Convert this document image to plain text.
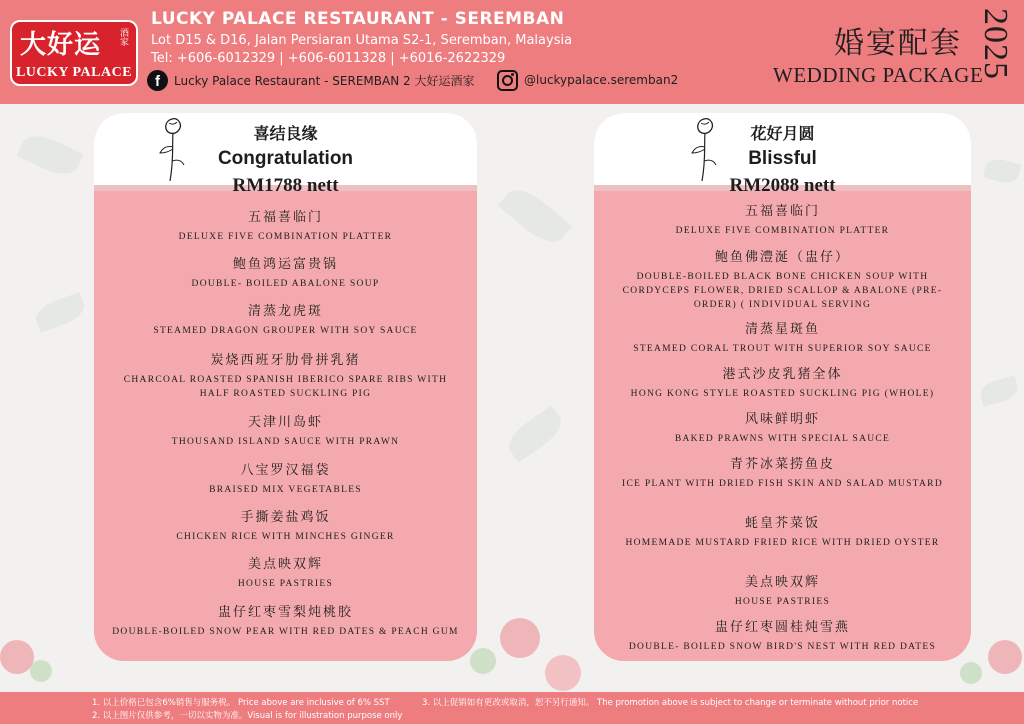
大好运 酒家
LUCKY PALACE
LUCKY PALACE RESTAURANT - SEREMBAN
Lot D15 & D16, Jalan Persiaran Utama S2-1, Seremban, Malaysia
Tel: +606-6012329 | +606-6011328 | +6016-2622329
f	Lucky Palace Restaurant - SEREMBAN 2 大好运酒家	@luckypalace.seremban2
婚宴配套
WEDDING PACKAGE
2025
喜结良缘
Congratulation
RM1788 nett
五福喜临门
DELUXE FIVE COMBINATION PLATTER
鲍鱼鸿运富贵锅
DOUBLE- BOILED ABALONE SOUP
清蒸龙虎斑
STEAMED DRAGON GROUPER WITH SOY SAUCE
炭烧西班牙肋骨拼乳猪
CHARCOAL ROASTED SPANISH IBERICO SPARE RIBS WITH HALF ROASTED SUCKLING PIG
天津川岛虾
THOUSAND ISLAND SAUCE WITH PRAWN
八宝罗汉福袋
BRAISED MIX VEGETABLES
手撕姜盐鸡饭
CHICKEN RICE WITH MINCHES GINGER
美点映双辉
HOUSE PASTRIES
盅仔红枣雪梨炖桃胶
DOUBLE-BOILED SNOW PEAR WITH RED DATES & PEACH GUM
花好月圆
Blissful
RM2088 nett
五福喜临门
DELUXE FIVE COMBINATION PLATTER
鲍鱼佛澧涎（盅仔）
DOUBLE-BOILED BLACK BONE CHICKEN SOUP WITH CORDYCEPS FLOWER, DRIED SCALLOP & ABALONE (PRE-ORDER) ( INDIVIDUAL SERVING
清蒸星斑鱼
STEAMED CORAL TROUT WITH SUPERIOR SOY SAUCE
港式沙皮乳猪全体
HONG KONG STYLE ROASTED SUCKLING PIG (WHOLE)
风味鲜明虾
BAKED PRAWNS WITH SPECIAL SAUCE
青芥冰菜捞鱼皮
ICE PLANT WITH DRIED FISH SKIN AND SALAD MUSTARD
蚝皇芥菜饭
HOMEMADE MUSTARD FRIED RICE WITH DRIED OYSTER
美点映双辉
HOUSE PASTRIES
盅仔红枣圆桂炖雪燕
DOUBLE- BOILED SNOW BIRD'S NEST WITH RED DATES
1. 以上价格已包含6%销售与服务税。 Price above are inclusive of 6% SST
2. 以上图片仅供参考，一切以实物为准。Visual is for illustration purpose only
3. 以上促销如有更改或取消，恕不另行通知。 The promotion above is subject to change or terminate without prior notice
